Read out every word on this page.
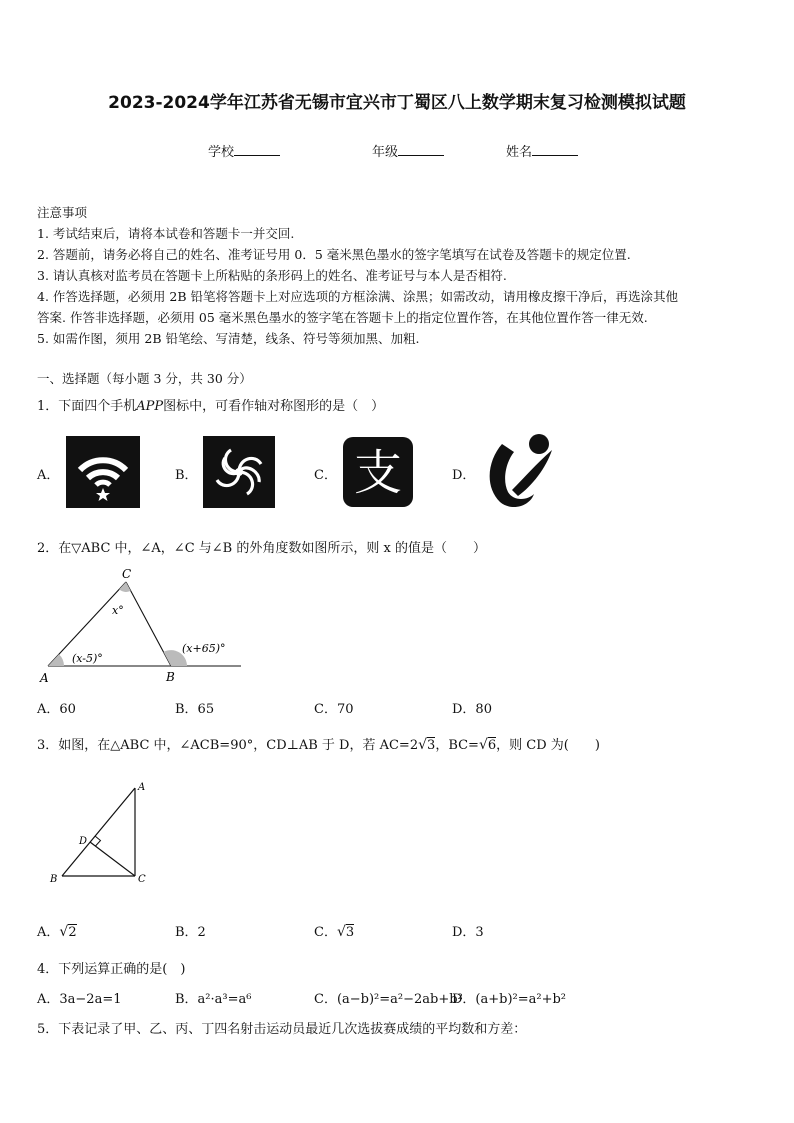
2023-2024学年江苏省无锡市宜兴市丁蜀区八上数学期末复习检测模拟试题
学校	年级	姓名
注意事项
1. 考试结束后，请将本试卷和答题卡一并交回.
2. 答题前，请务必将自己的姓名、准考证号用 0．5 毫米黑色墨水的签字笔填写在试卷及答题卡的规定位置.
3. 请认真核对监考员在答题卡上所粘贴的条形码上的姓名、准考证号与本人是否相符.
4. 作答选择题，必须用 2B 铅笔将答题卡上对应选项的方框涂满、涂黑；如需改动，请用橡皮擦干净后，再选涂其他
答案. 作答非选择题，必须用 05 毫米黑色墨水的签字笔在答题卡上的指定位置作答，在其他位置作答一律无效.
5. 如需作图，须用 2B 铅笔绘、写清楚，线条、符号等须加黑、加粗.
一、选择题（每小题 3 分，共 30 分）
1．下面四个手机APP图标中，可看作轴对称图形的是（　）
A．	B．	C． 支	D．
2．在▽ABC 中，∠A，∠C 与∠B 的外角度数如图所示，则 x 的值是（　　）
C
A	B
x°
(x-5)°
(x+65)°
A．60	B．65	C．70	D．80
3．如图，在△ABC 中，∠ACB=90°，CD⊥AB 于 D，若 AC=2√3，BC=√6，则 CD 为(　　)
A
B	C
D
A．√2	B．2	C．√3	D．3
4．下列运算正确的是(　)
A．3a−2a=1	B．a²·a³=a⁶	C．(a−b)²=a²−2ab+b²
D．(a+b)²=a²+b²
5．下表记录了甲、乙、丙、丁四名射击运动员最近几次选拔赛成绩的平均数和方差：
